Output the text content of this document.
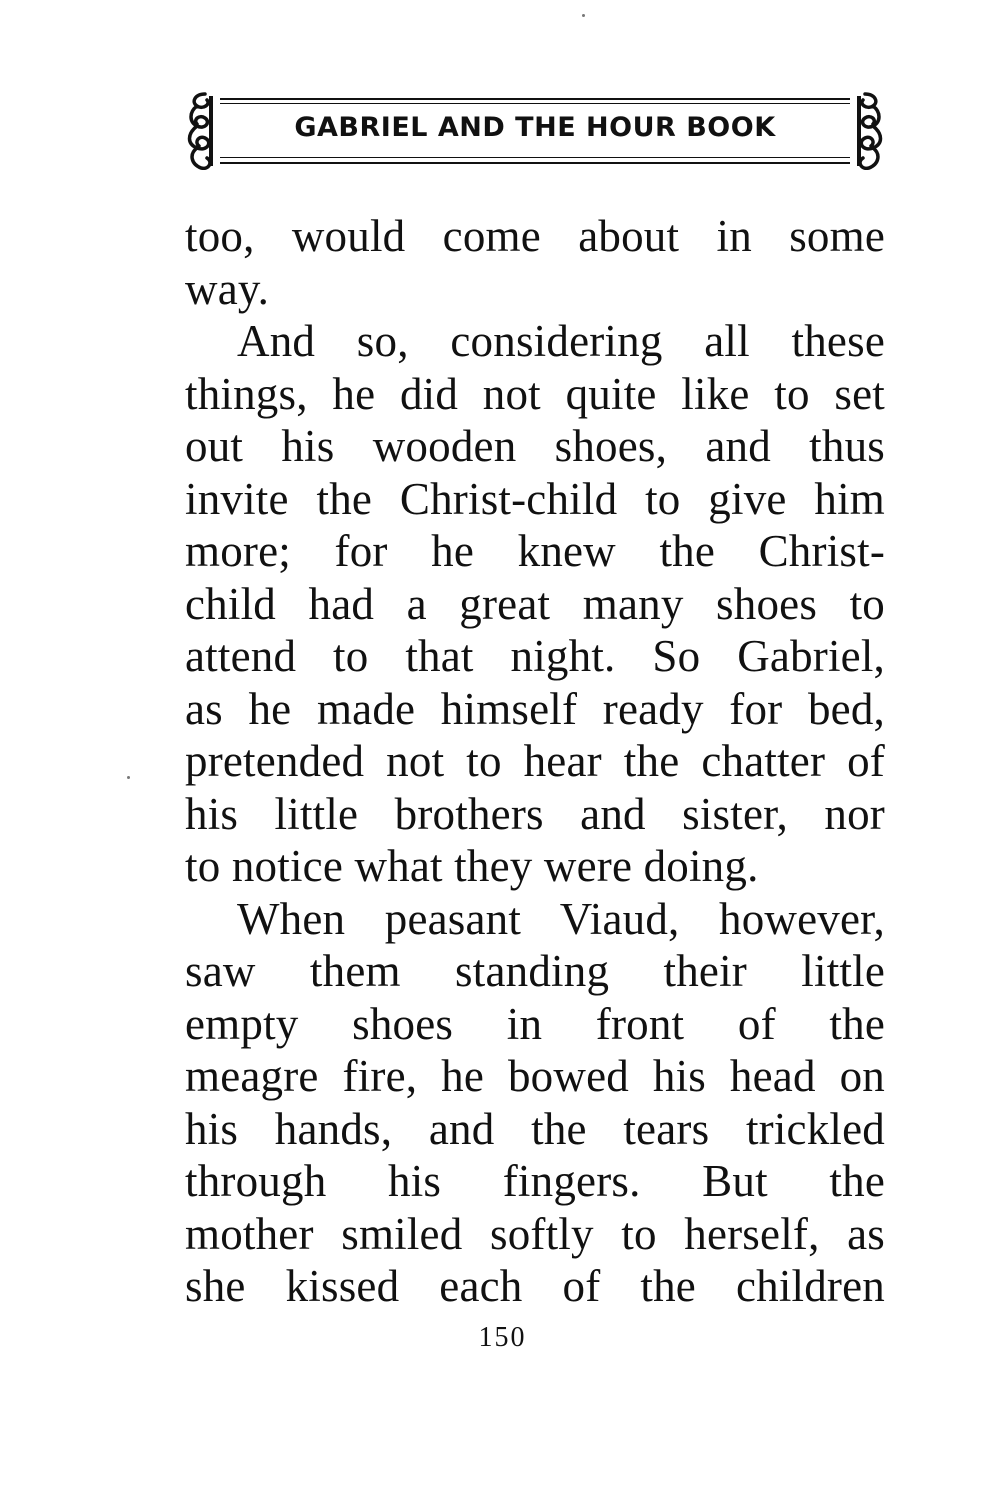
GABRIEL AND THE HOUR BOOK
too, would come about in some
way.
And so, considering all these
things, he did not quite like to set
out his wooden shoes, and thus
invite the Christ-child to give him
more; for he knew the Christ-
child had a great many shoes to
attend to that night. So Gabriel,
as he made himself ready for bed,
pretended not to hear the chatter of
his little brothers and sister, nor
to notice what they were doing.
When peasant Viaud, however,
saw them standing their little
empty shoes in front of the
meagre fire, he bowed his head on
his hands, and the tears trickled
through his fingers. But the
mother smiled softly to herself, as
she kissed each of the children
150
